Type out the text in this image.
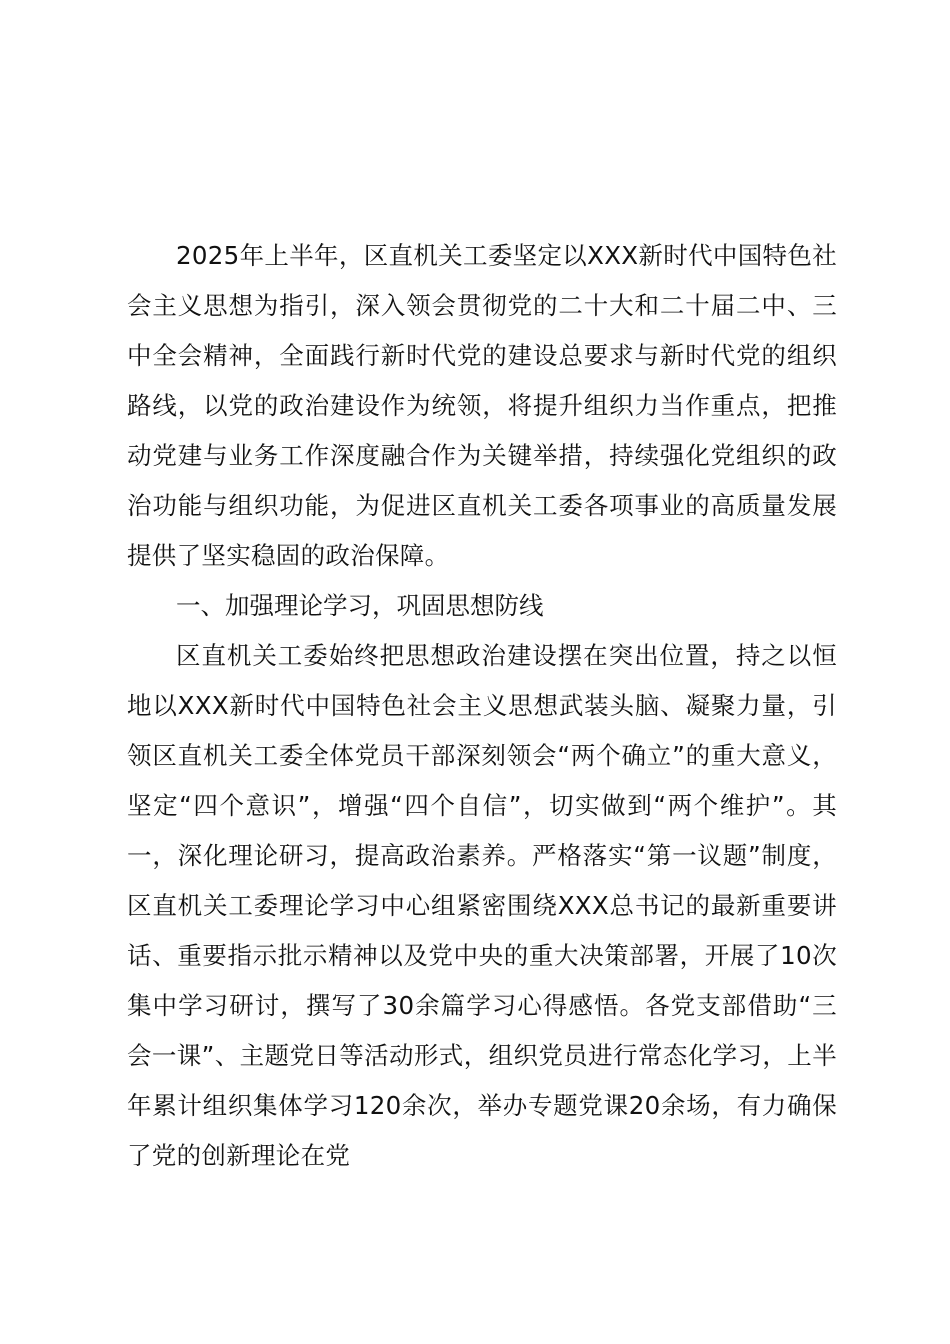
2025年上半年，区直机关工委坚定以XXX新时代中国特色社会主义思想为指引，深入领会贯彻党的二十大和二十届二中、三中全会精神，全面践行新时代党的建设总要求与新时代党的组织路线，以党的政治建设作为统领，将提升组织力当作重点，把推动党建与业务工作深度融合作为关键举措，持续强化党组织的政治功能与组织功能，为促进区直机关工委各项事业的高质量发展提供了坚实稳固的政治保障。

一、加强理论学习，巩固思想防线

区直机关工委始终把思想政治建设摆在突出位置，持之以恒地以XXX新时代中国特色社会主义思想武装头脑、凝聚力量，引领区直机关工委全体党员干部深刻领会“两个确立”的重大意义，坚定“四个意识”，增强“四个自信”，切实做到“两个维护”。其一，深化理论研习，提高政治素养。严格落实“第一议题”制度，区直机关工委理论学习中心组紧密围绕XXX总书记的最新重要讲话、重要指示批示精神以及党中央的重大决策部署，开展了10次集中学习研讨，撰写了30余篇学习心得感悟。各党支部借助“三会一课”、主题党日等活动形式，组织党员进行常态化学习，上半年累计组织集体学习120余次，举办专题党课20余场，有力确保了党的创新理论在党
